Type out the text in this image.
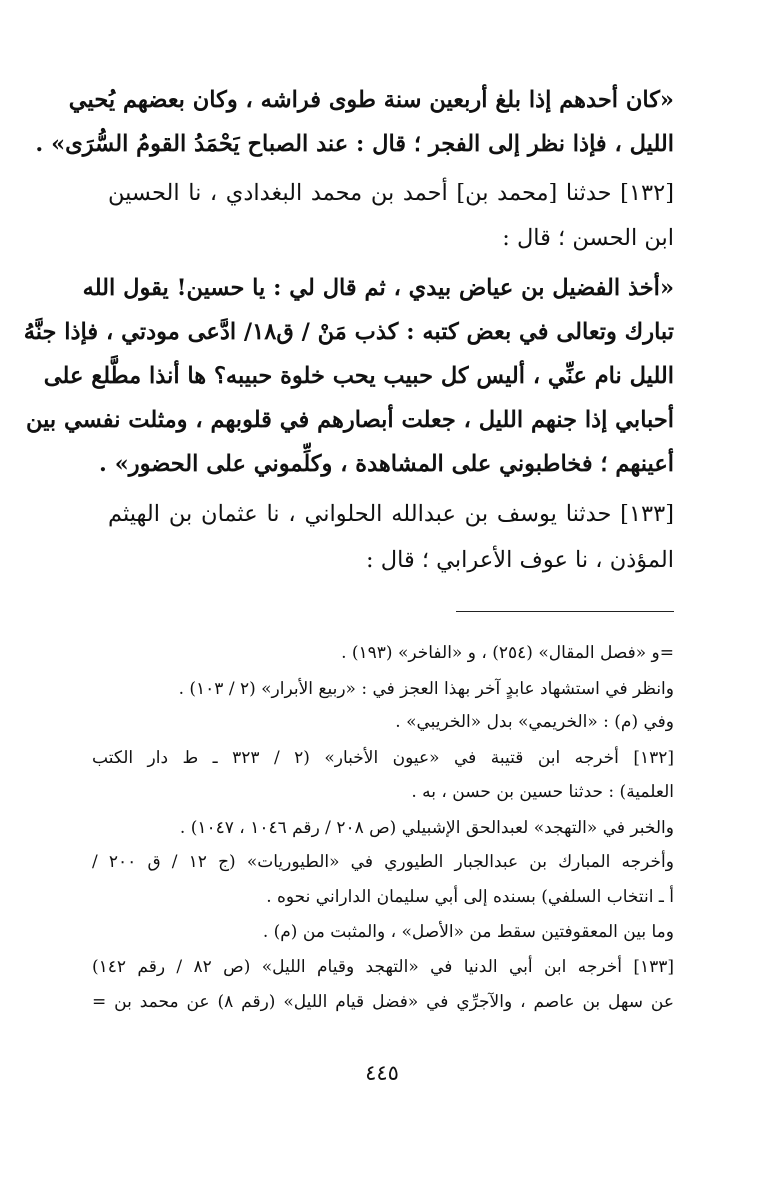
«كان أحدهم إذا بلغ أربعين سنة طوى فراشه ، وكان بعضهم يُحيي
الليل ، فإذا نظر إلى الفجر ؛ قال : عند الصباح يَحْمَدُ القومُ السُّرَى» .
[١٣٢] حدثنا [محمد بن] أحمد بن محمد البغدادي ، نا الحسين
ابن الحسن ؛ قال :
«أخذ الفضيل بن عياض بيدي ، ثم قال لي : يا حسين! يقول الله
تبارك وتعالى في بعض كتبه : كذب مَنْ / ق١٨/ ادَّعى مودتي ، فإذا جنَّهُ
الليل نام عنِّي ، أليس كل حبيب يحب خلوة حبيبه؟ ها أنذا مطَّلع على
أحبابي إذا جنهم الليل ، جعلت أبصارهم في قلوبهم ، ومثلت نفسي بين
أعينهم ؛ فخاطبوني على المشاهدة ، وكلِّموني على الحضور» .
[١٣٣] حدثنا يوسف بن عبدالله الحلواني ، نا عثمان بن الهيثم
المؤذن ، نا عوف الأعرابي ؛ قال :
=و «فصل المقال» (٢٥٤) ، و «الفاخر» (١٩٣) .
وانظر في استشهاد عابدٍ آخر بهذا العجز في : «ربيع الأبرار» (٢ / ١٠٣) .
وفي (م) : «الخريمي» بدل «الخريبي» .
[١٣٢] أخرجه ابن قتيبة في «عيون الأخبار» (٢ / ٣٢٣ ـ ط دار الكتب
العلمية) : حدثنا حسين بن حسن ، به .
والخبر في «التهجد» لعبدالحق الإشبيلي (ص ٢٠٨ / رقم ١٠٤٦ ، ١٠٤٧) .
وأخرجه المبارك بن عبدالجبار الطيوري في «الطيوريات» (ج ١٢ / ق ٢٠٠ /
أ ـ انتخاب السلفي) بسنده إلى أبي سليمان الداراني نحوه .
وما بين المعقوفتين سقط من «الأصل» ، والمثبت من (م) .
[١٣٣] أخرجه ابن أبي الدنيا في «التهجد وقيام الليل» (ص ٨٢ / رقم ١٤٢)
عن سهل بن عاصم ، والآجرِّي في «فضل قيام الليل» (رقم ٨) عن محمد بن =
٤٤٥
